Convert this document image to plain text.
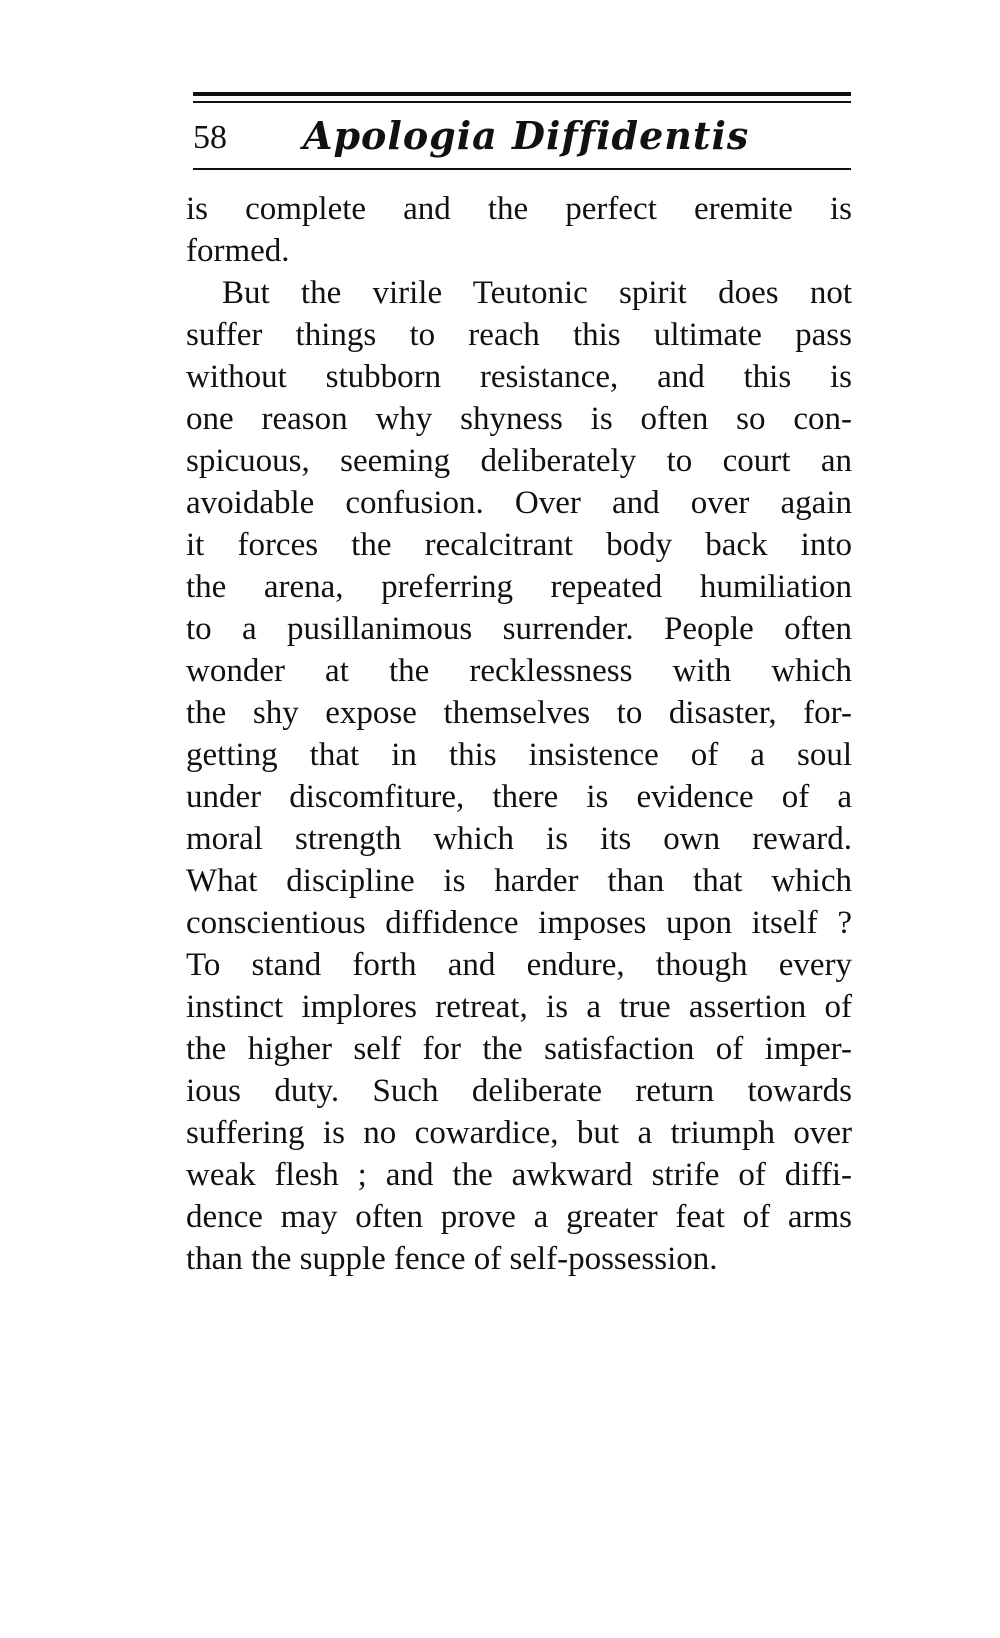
58 Apologia Diffidentis
is complete and the perfect eremite is
formed.
But the virile Teutonic spirit does not
suffer things to reach this ultimate pass
without stubborn resistance, and this is
one reason why shyness is often so con-
spicuous, seeming deliberately to court an
avoidable confusion. Over and over again
it forces the recalcitrant body back into
the arena, preferring repeated humiliation
to a pusillanimous surrender. People often
wonder at the recklessness with which
the shy expose themselves to disaster, for-
getting that in this insistence of a soul
under discomfiture, there is evidence of a
moral strength which is its own reward.
What discipline is harder than that which
conscientious diffidence imposes upon itself ?
To stand forth and endure, though every
instinct implores retreat, is a true assertion of
the higher self for the satisfaction of imper-
ious duty. Such deliberate return towards
suffering is no cowardice, but a triumph over
weak flesh ; and the awkward strife of diffi-
dence may often prove a greater feat of arms
than the supple fence of self-possession.
